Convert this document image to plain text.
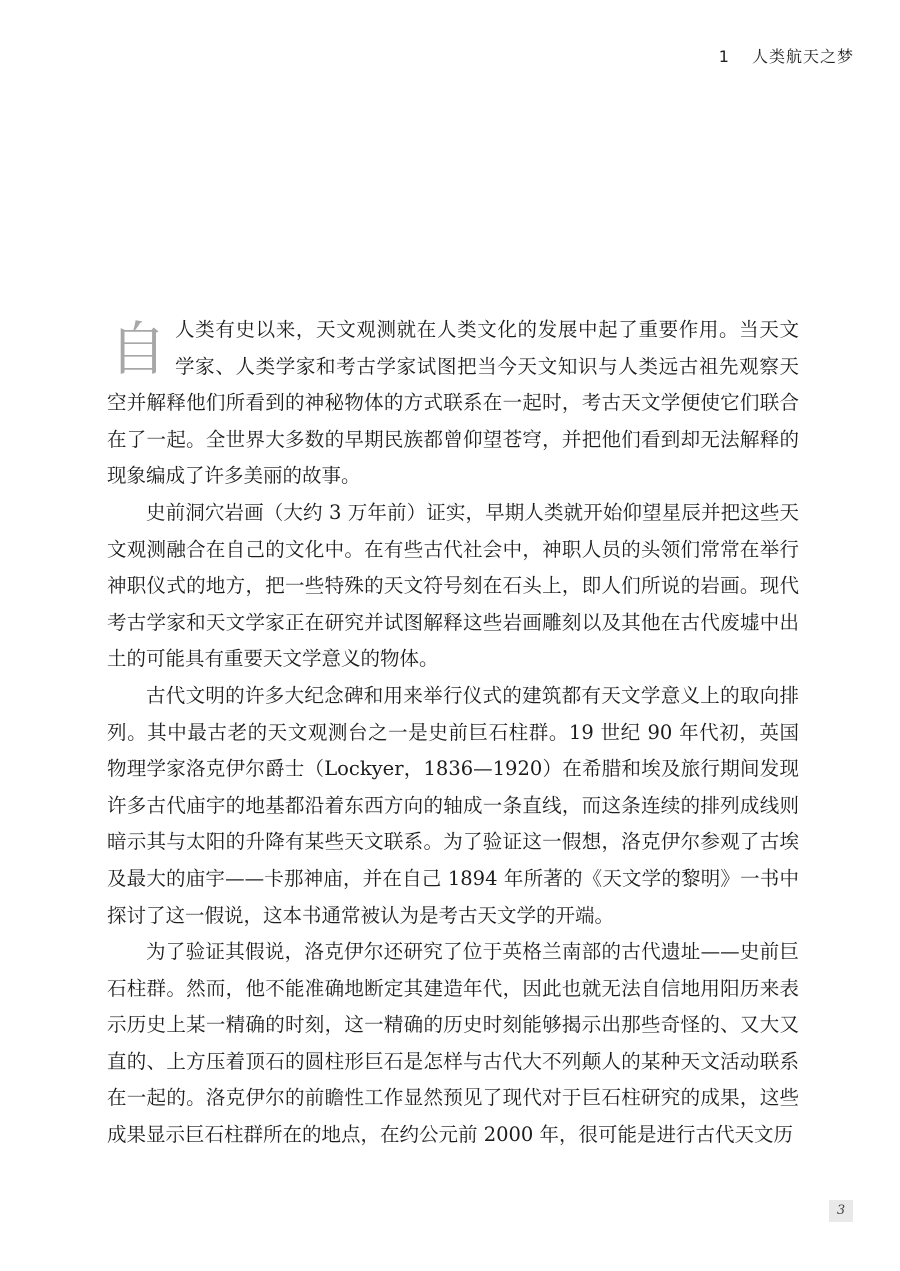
1 人类航天之梦

自人类有史以来，天文观测就在人类文化的发展中起了重要作用。当天文学家、人类学家和考古学家试图把当今天文知识与人类远古祖先观察天空并解释他们所看到的神秘物体的方式联系在一起时，考古天文学便使它们联合在了一起。全世界大多数的早期民族都曾仰望苍穹，并把他们看到却无法解释的现象编成了许多美丽的故事。

史前洞穴岩画（大约 3 万年前）证实，早期人类就开始仰望星辰并把这些天文观测融合在自己的文化中。在有些古代社会中，神职人员的头领们常常在举行神职仪式的地方，把一些特殊的天文符号刻在石头上，即人们所说的岩画。现代考古学家和天文学家正在研究并试图解释这些岩画雕刻以及其他在古代废墟中出土的可能具有重要天文学意义的物体。

古代文明的许多大纪念碑和用来举行仪式的建筑都有天文学意义上的取向排列。其中最古老的天文观测台之一是史前巨石柱群。19 世纪 90 年代初，英国物理学家洛克伊尔爵士（Lockyer，1836—1920）在希腊和埃及旅行期间发现许多古代庙宇的地基都沿着东西方向的轴成一条直线，而这条连续的排列成线则暗示其与太阳的升降有某些天文联系。为了验证这一假想，洛克伊尔参观了古埃及最大的庙宇——卡那神庙，并在自己 1894 年所著的《天文学的黎明》一书中探讨了这一假说，这本书通常被认为是考古天文学的开端。

为了验证其假说，洛克伊尔还研究了位于英格兰南部的古代遗址——史前巨石柱群。然而，他不能准确地断定其建造年代，因此也就无法自信地用阳历来表示历史上某一精确的时刻，这一精确的历史时刻能够揭示出那些奇怪的、又大又直的、上方压着顶石的圆柱形巨石是怎样与古代大不列颠人的某种天文活动联系在一起的。洛克伊尔的前瞻性工作显然预见了现代对于巨石柱研究的成果，这些成果显示巨石柱群所在的地点，在约公元前 2000 年，很可能是进行古代天文历

3
